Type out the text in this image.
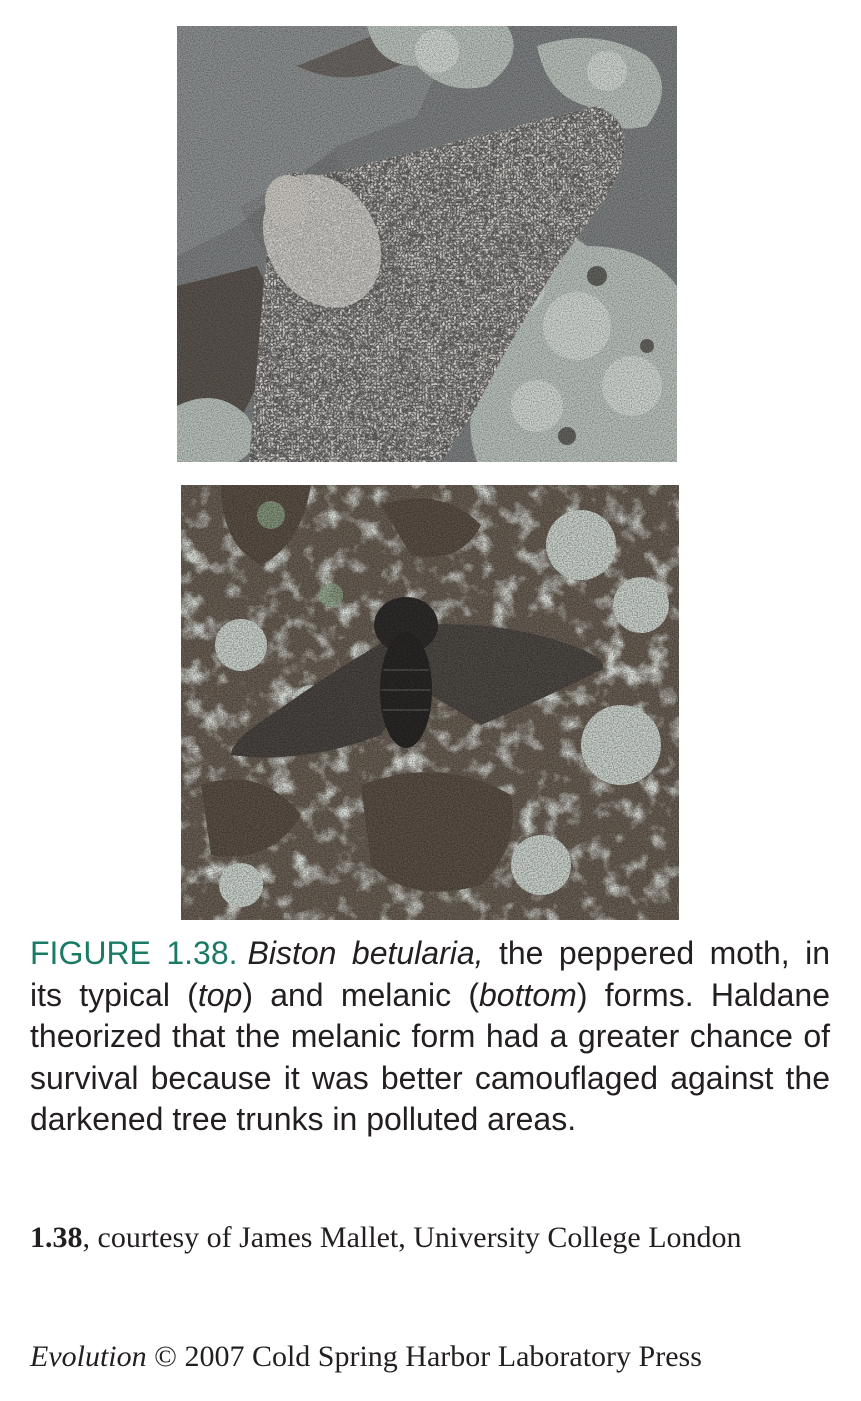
FIGURE 1.38. Biston betularia, the peppered moth, in its typical (top) and melanic (bottom) forms. Haldane theorized that the melanic form had a greater chance of survival because it was better camouflaged against the darkened tree trunks in polluted areas.

1.38, courtesy of James Mallet, University College London

Evolution © 2007 Cold Spring Harbor Laboratory Press
